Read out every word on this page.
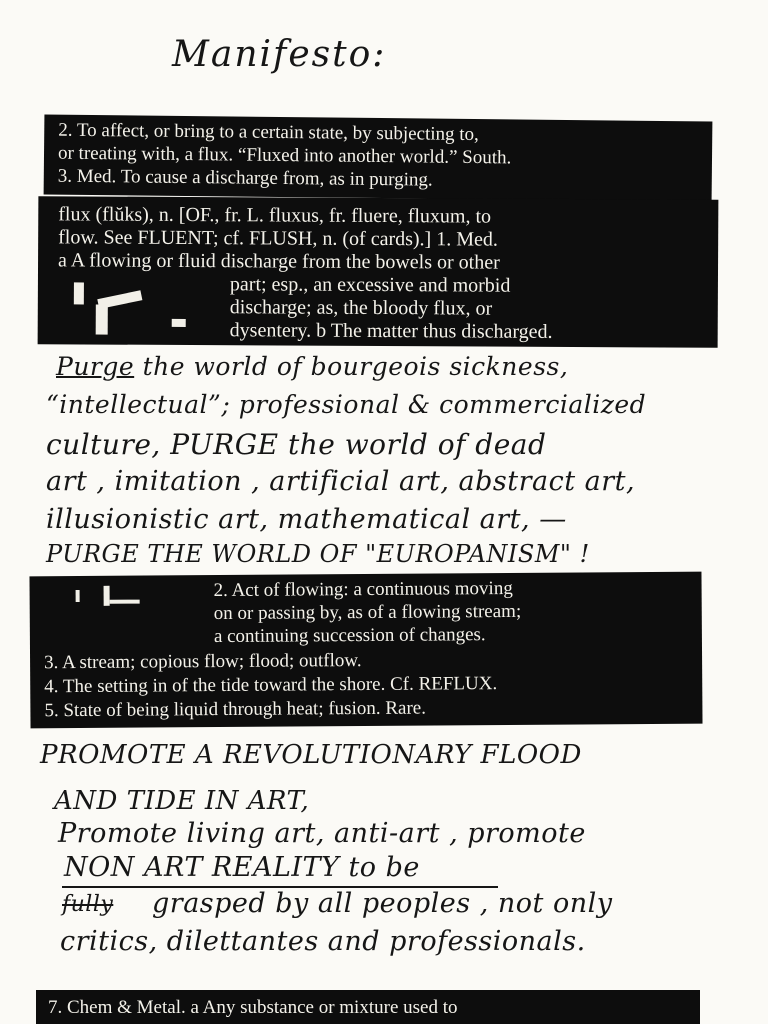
Manifesto:
2. To affect, or bring to a certain state, by subjecting to,
or treating with, a flux. “Fluxed into another world.” South.
3. Med. To cause a discharge from, as in purging.
flux (flŭks), n. [OF., fr. L. fluxus, fr. fluere, fluxum, to
flow. See FLUENT; cf. FLUSH, n. (of cards).] 1. Med.
a A flowing or fluid discharge from the bowels or other
part; esp., an excessive and morbid
discharge; as, the bloody flux, or
dysentery. b The matter thus discharged.
Purge the world of bourgeois sickness,
“intellectual”; professional & commercialized
culture, PURGE the world of dead
art , imitation , artificial art, abstract art,
illusionistic art, mathematical art, —
PURGE THE WORLD OF "EUROPANISM" !
2. Act of flowing: a continuous moving
on or passing by, as of a flowing stream;
a continuing succession of changes.
3. A stream; copious flow; flood; outflow.
4. The setting in of the tide toward the shore. Cf. REFLUX.
5. State of being liquid through heat; fusion. Rare.
PROMOTE A REVOLUTIONARY FLOOD
AND TIDE IN ART,
Promote living art, anti-art , promote
NON ART REALITY to be
fully grasped by all peoples , not only
critics, dilettantes and professionals.
7. Chem & Metal. a Any substance or mixture used to
